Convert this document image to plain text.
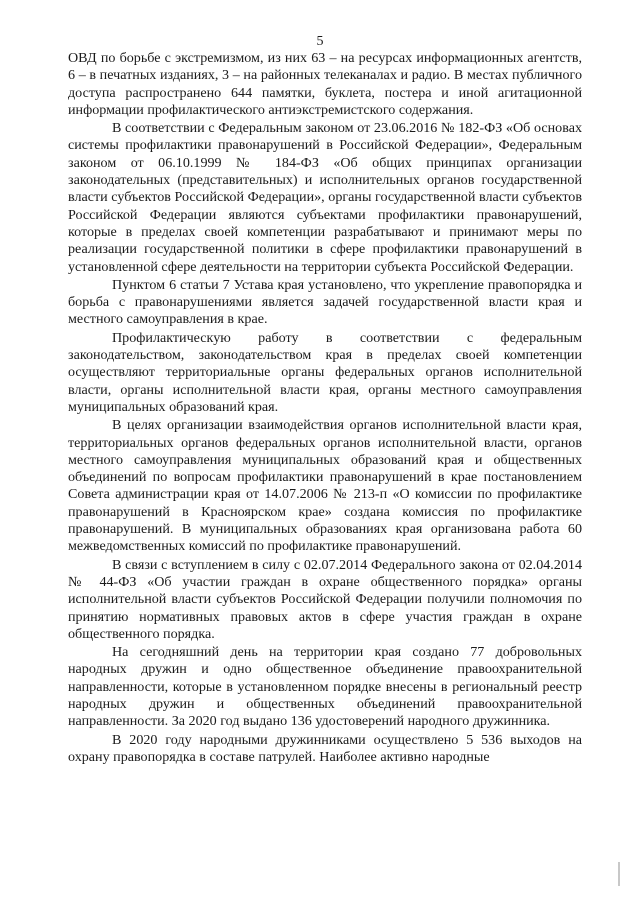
5

ОВД по борьбе с экстремизмом, из них 63 – на ресурсах информационных агентств, 6 – в печатных изданиях, 3 – на районных телеканалах и радио. В местах публичного доступа распространено 644 памятки, буклета, постера и иной агитационной информации профилактического антиэкстремистского содержания.

В соответствии с Федеральным законом от 23.06.2016 № 182-ФЗ «Об основах системы профилактики правонарушений в Российской Федерации», Федеральным законом от 06.10.1999 № 184-ФЗ «Об общих принципах организации законодательных (представительных) и исполнительных органов государственной власти субъектов Российской Федерации», органы государственной власти субъектов Российской Федерации являются субъектами профилактики правонарушений, которые в пределах своей компетенции разрабатывают и принимают меры по реализации государственной политики в сфере профилактики правонарушений в установленной сфере деятельности на территории субъекта Российской Федерации.

Пунктом 6 статьи 7 Устава края установлено, что укрепление правопорядка и борьба с правонарушениями является задачей государственной власти края и местного самоуправления в крае.

Профилактическую работу в соответствии с федеральным законодательством, законодательством края в пределах своей компетенции осуществляют территориальные органы федеральных органов исполнительной власти, органы исполнительной власти края, органы местного самоуправления муниципальных образований края.

В целях организации взаимодействия органов исполнительной власти края, территориальных органов федеральных органов исполнительной власти, органов местного самоуправления муниципальных образований края и общественных объединений по вопросам профилактики правонарушений в крае постановлением Совета администрации края от 14.07.2006 № 213-п «О комиссии по профилактике правонарушений в Красноярском крае» создана комиссия по профилактике правонарушений. В муниципальных образованиях края организована работа 60 межведомственных комиссий по профилактике правонарушений.

В связи с вступлением в силу с 02.07.2014 Федерального закона от 02.04.2014 № 44-ФЗ «Об участии граждан в охране общественного порядка» органы исполнительной власти субъектов Российской Федерации получили полномочия по принятию нормативных правовых актов в сфере участия граждан в охране общественного порядка.

На сегодняшний день на территории края создано 77 добровольных народных дружин и одно общественное объединение правоохранительной направленности, которые в установленном порядке внесены в региональный реестр народных дружин и общественных объединений правоохранительной направленности. За 2020 год выдано 136 удостоверений народного дружинника.

В 2020 году народными дружинниками осуществлено 5 536 выходов на охрану правопорядка в составе патрулей. Наиболее активно народные
